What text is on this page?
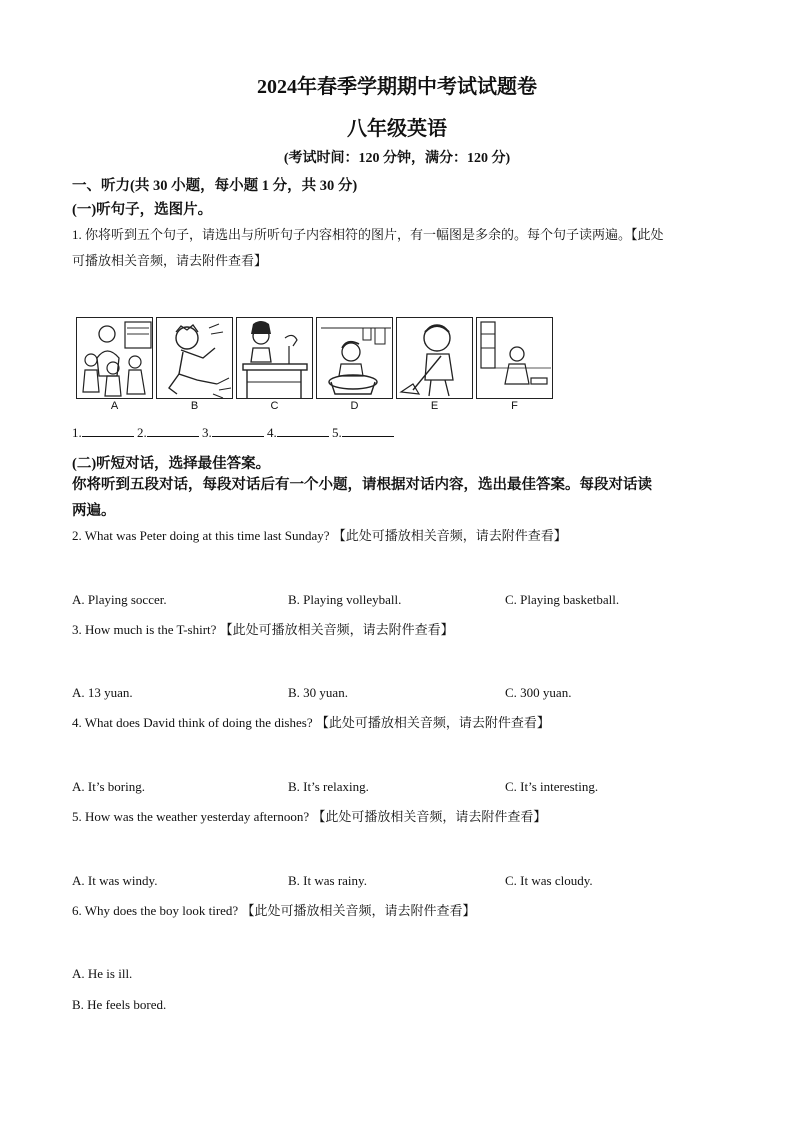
2024年春季学期期中考试试题卷
八年级英语
(考试时间：120 分钟，满分：120 分)
一、听力(共 30 小题，每小题 1 分，共 30 分)
(一)听句子，选图片。
1. 你将听到五个句子，请选出与所听句子内容相符的图片，有一幅图是多余的。每个句子读两遍。【此处
可播放相关音频，请去附件查看】
A	B	C	D	E	F
1.	2.	3.	4.	5.
(二)听短对话，选择最佳答案。
你将听到五段对话，每段对话后有一个小题，请根据对话内容，选出最佳答案。每段对话读
两遍。
2. What was Peter doing at this time last Sunday? 【此处可播放相关音频，请去附件查看】
A. Playing soccer.	B. Playing volleyball.	C. Playing basketball.
3. How much is the T-shirt? 【此处可播放相关音频，请去附件查看】
A. 13 yuan.	B. 30 yuan.	C. 300 yuan.
4. What does David think of doing the dishes? 【此处可播放相关音频，请去附件查看】
A. It’s boring.	B. It’s relaxing.	C. It’s interesting.
5. How was the weather yesterday afternoon? 【此处可播放相关音频，请去附件查看】
A. It was windy.	B. It was rainy.	C. It was cloudy.
6. Why does the boy look tired? 【此处可播放相关音频，请去附件查看】
A. He is ill.
B. He feels bored.
